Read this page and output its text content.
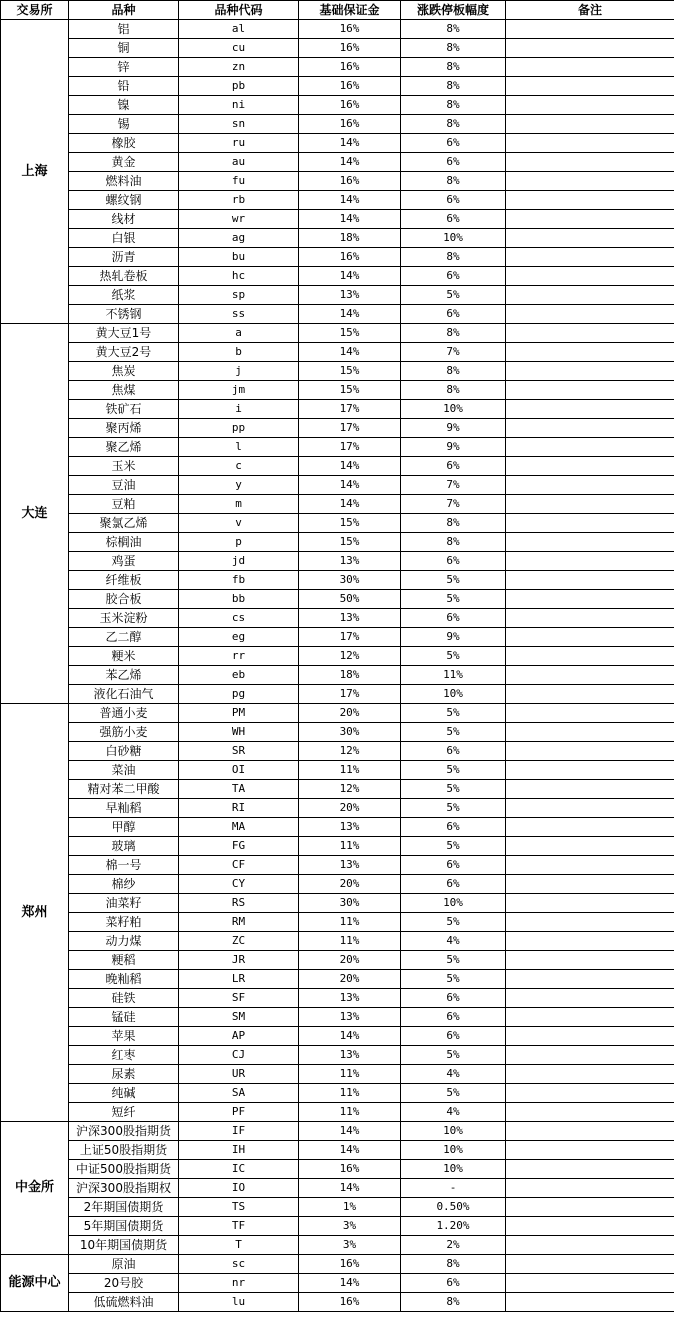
交易所	品种	品种代码	基础保证金	涨跌停板幅度	备注
上海	铝	al	16%	8%	
	铜	cu	16%	8%	
	锌	zn	16%	8%	
	铅	pb	16%	8%	
	镍	ni	16%	8%	
	锡	sn	16%	8%	
	橡胶	ru	14%	6%	
	黄金	au	14%	6%	
	燃料油	fu	16%	8%	
	螺纹钢	rb	14%	6%	
	线材	wr	14%	6%	
	白银	ag	18%	10%	
	沥青	bu	16%	8%	
	热轧卷板	hc	14%	6%	
	纸浆	sp	13%	5%	
	不锈钢	ss	14%	6%	
大连	黄大豆1号	a	15%	8%	
	黄大豆2号	b	14%	7%	
	焦炭	j	15%	8%	
	焦煤	jm	15%	8%	
	铁矿石	i	17%	10%	
	聚丙烯	pp	17%	9%	
	聚乙烯	l	17%	9%	
	玉米	c	14%	6%	
	豆油	y	14%	7%	
	豆粕	m	14%	7%	
	聚氯乙烯	v	15%	8%	
	棕榈油	p	15%	8%	
	鸡蛋	jd	13%	6%	
	纤维板	fb	30%	5%	
	胶合板	bb	50%	5%	
	玉米淀粉	cs	13%	6%	
	乙二醇	eg	17%	9%	
	粳米	rr	12%	5%	
	苯乙烯	eb	18%	11%	
	液化石油气	pg	17%	10%	
郑州	普通小麦	PM	20%	5%	
	强筋小麦	WH	30%	5%	
	白砂糖	SR	12%	6%	
	菜油	OI	11%	5%	
	精对苯二甲酸	TA	12%	5%	
	早籼稻	RI	20%	5%	
	甲醇	MA	13%	6%	
	玻璃	FG	11%	5%	
	棉一号	CF	13%	6%	
	棉纱	CY	20%	6%	
	油菜籽	RS	30%	10%	
	菜籽粕	RM	11%	5%	
	动力煤	ZC	11%	4%	
	粳稻	JR	20%	5%	
	晚籼稻	LR	20%	5%	
	硅铁	SF	13%	6%	
	锰硅	SM	13%	6%	
	苹果	AP	14%	6%	
	红枣	CJ	13%	5%	
	尿素	UR	11%	4%	
	纯碱	SA	11%	5%	
	短纤	PF	11%	4%	
中金所	沪深300股指期货	IF	14%	10%	
	上证50股指期货	IH	14%	10%	
	中证500股指期货	IC	16%	10%	
	沪深300股指期权	IO	14%	-	
	2年期国债期货	TS	1%	0.50%	
	5年期国债期货	TF	3%	1.20%	
	10年期国债期货	T	3%	2%	
能源中心	原油	sc	16%	8%	
	20号胶	nr	14%	6%	
	低硫燃料油	lu	16%	8%	
